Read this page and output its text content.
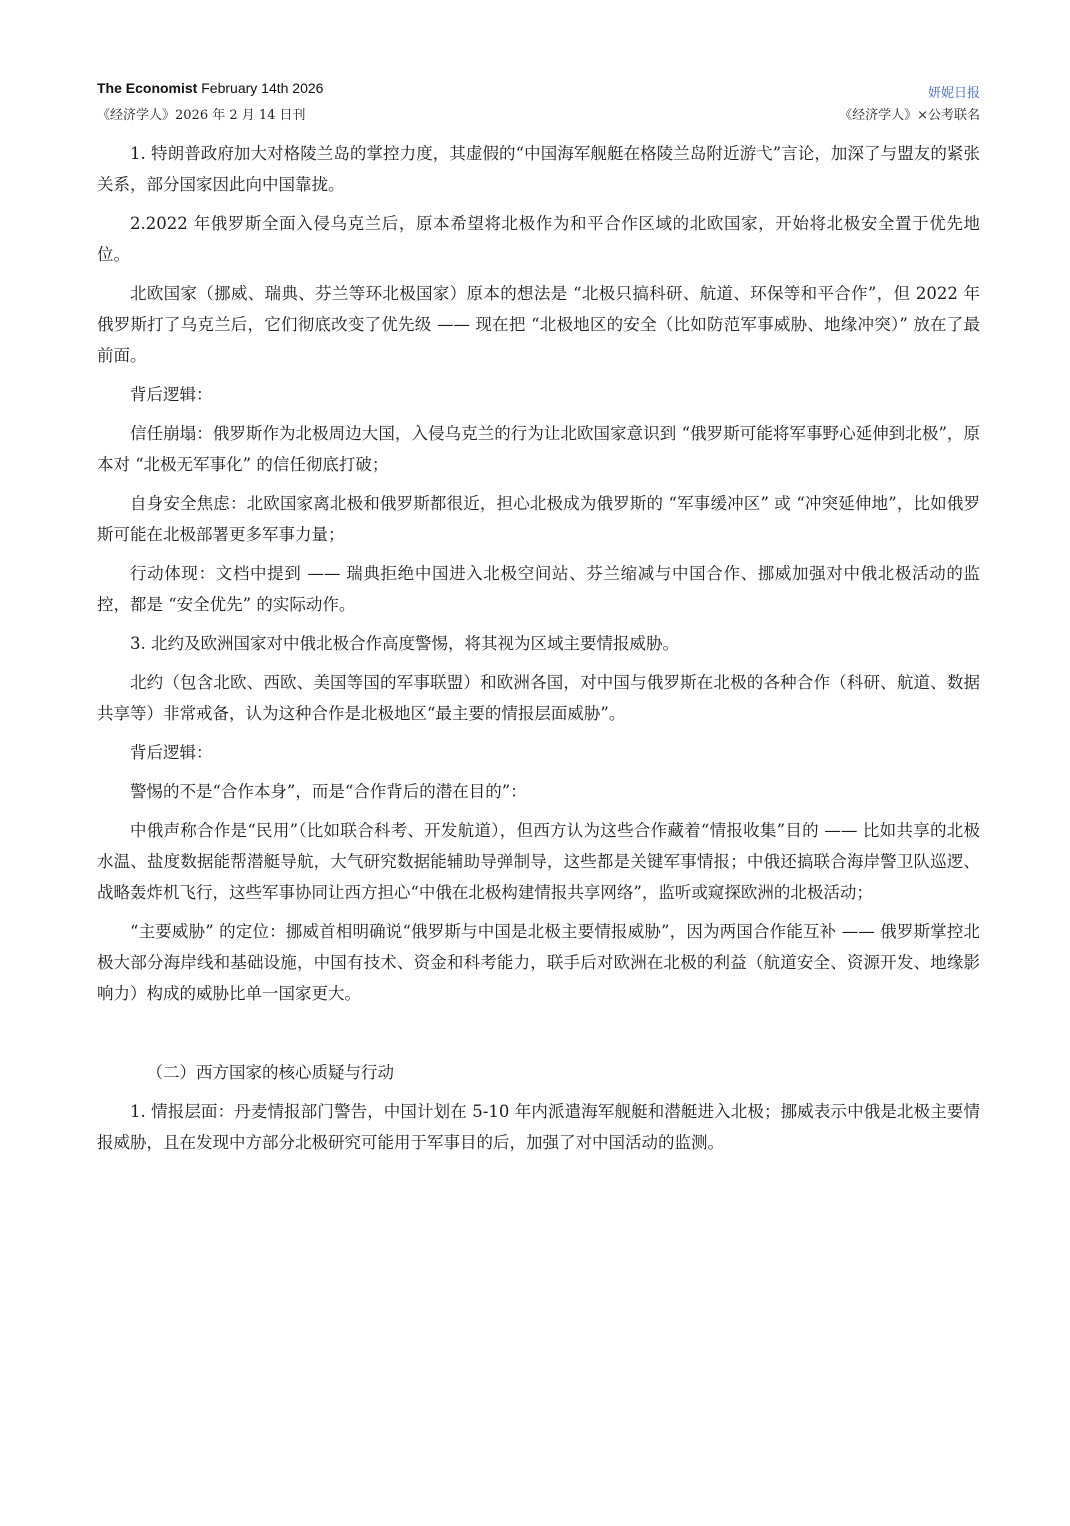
The Economist February 14th 2026
《经济学人》2026 年 2 月 14 日刊
妍妮日报
《经济学人》×公考联名

1. 特朗普政府加大对格陵兰岛的掌控力度，其虚假的“中国海军舰艇在格陵兰岛附近游弋”言论，加深了与盟友的紧张关系，部分国家因此向中国靠拢。

2.2022 年俄罗斯全面入侵乌克兰后，原本希望将北极作为和平合作区域的北欧国家，开始将北极安全置于优先地位。

北欧国家（挪威、瑞典、芬兰等环北极国家）原本的想法是 “北极只搞科研、航道、环保等和平合作”，但 2022 年俄罗斯打了乌克兰后，它们彻底改变了优先级 —— 现在把 “北极地区的安全（比如防范军事威胁、地缘冲突）” 放在了最前面。

背后逻辑：

信任崩塌：俄罗斯作为北极周边大国，入侵乌克兰的行为让北欧国家意识到 “俄罗斯可能将军事野心延伸到北极”，原本对 “北极无军事化” 的信任彻底打破；

自身安全焦虑：北欧国家离北极和俄罗斯都很近，担心北极成为俄罗斯的 “军事缓冲区” 或 “冲突延伸地”，比如俄罗斯可能在北极部署更多军事力量；

行动体现：文档中提到 —— 瑞典拒绝中国进入北极空间站、芬兰缩减与中国合作、挪威加强对中俄北极活动的监控，都是 “安全优先” 的实际动作。

3. 北约及欧洲国家对中俄北极合作高度警惕，将其视为区域主要情报威胁。

北约（包含北欧、西欧、美国等国的军事联盟）和欧洲各国，对中国与俄罗斯在北极的各种合作（科研、航道、数据共享等）非常戒备，认为这种合作是北极地区“最主要的情报层面威胁”。

背后逻辑：

警惕的不是“合作本身”，而是“合作背后的潜在目的”：

中俄声称合作是“民用”（比如联合科考、开发航道），但西方认为这些合作藏着“情报收集”目的 —— 比如共享的北极水温、盐度数据能帮潜艇导航，大气研究数据能辅助导弹制导，这些都是关键军事情报；中俄还搞联合海岸警卫队巡逻、战略轰炸机飞行，这些军事协同让西方担心“中俄在北极构建情报共享网络”，监听或窥探欧洲的北极活动；

“主要威胁” 的定位：挪威首相明确说“俄罗斯与中国是北极主要情报威胁”，因为两国合作能互补 —— 俄罗斯掌控北极大部分海岸线和基础设施，中国有技术、资金和科考能力，联手后对欧洲在北极的利益（航道安全、资源开发、地缘影响力）构成的威胁比单一国家更大。

（二）西方国家的核心质疑与行动

1. 情报层面：丹麦情报部门警告，中国计划在 5-10 年内派遣海军舰艇和潜艇进入北极；挪威表示中俄是北极主要情报威胁，且在发现中方部分北极研究可能用于军事目的后，加强了对中国活动的监测。
